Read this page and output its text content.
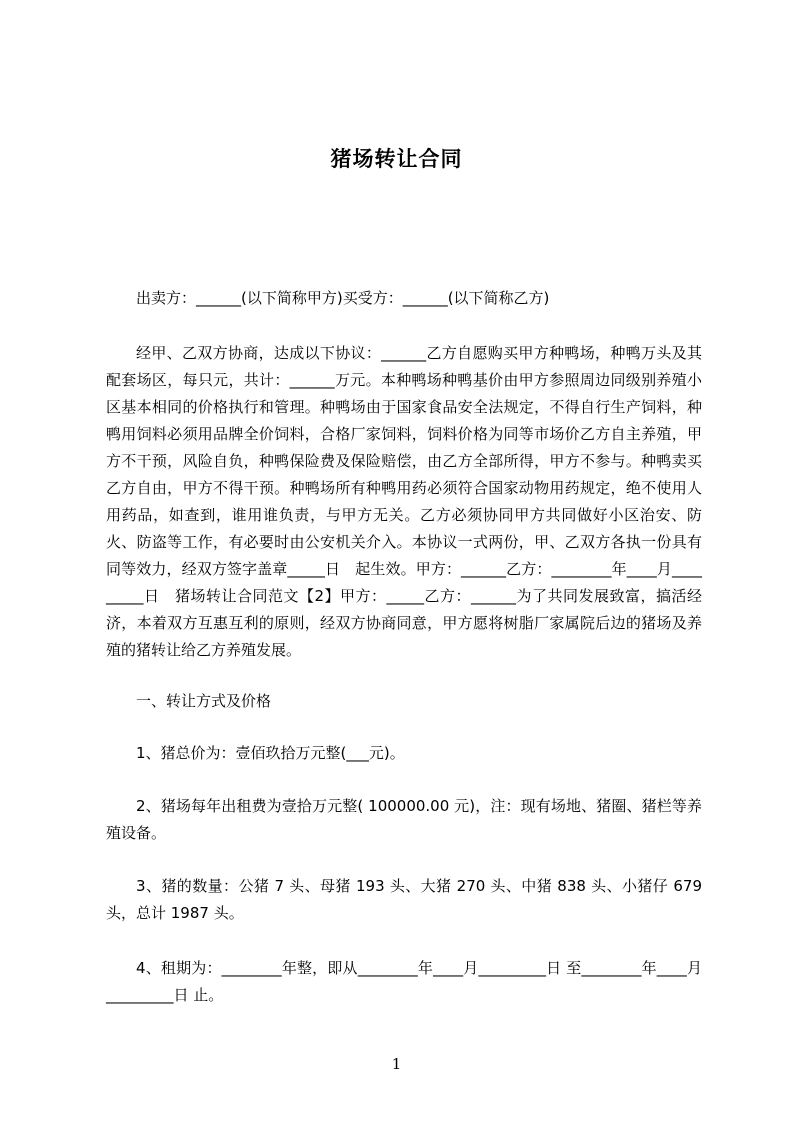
猪场转让合同
出卖方：______(以下简称甲方)买受方：______(以下简称乙方)
经甲、乙双方协商，达成以下协议：______乙方自愿购买甲方种鸭场，种鸭万头及其配套场区，每只元，共计：______万元。本种鸭场种鸭基价由甲方参照周边同级别养殖小区基本相同的价格执行和管理。种鸭场由于国家食品安全法规定，不得自行生产饲料，种鸭用饲料必须用品牌全价饲料，合格厂家饲料，饲料价格为同等市场价乙方自主养殖，甲方不干预，风险自负，种鸭保险费及保险赔偿，由乙方全部所得，甲方不参与。种鸭卖买乙方自由，甲方不得干预。种鸭场所有种鸭用药必须符合国家动物用药规定，绝不使用人用药品，如查到，谁用谁负责，与甲方无关。乙方必须协同甲方共同做好小区治安、防火、防盗等工作，有必要时由公安机关介入。本协议一式两份，甲、乙双方各执一份具有同等效力，经双方签字盖章_____日　起生效。甲方：______乙方：________年____月_________日　猪场转让合同范文【2】甲方：_____乙方：______为了共同发展致富，搞活经济，本着双方互惠互利的原则，经双方协商同意，甲方愿将树脂厂家属院后边的猪场及养殖的猪转让给乙方养殖发展。
一、转让方式及价格
1、猪总价为：壹佰玖拾万元整(___元)。
2、猪场每年出租费为壹拾万元整( 100000.00 元)，注：现有场地、猪圈、猪栏等养殖设备。
3、猪的数量：公猪 7 头、母猪 193 头、大猪 270 头、中猪 838 头、小猪仔 679 头，总计 1987 头。
4、租期为：________年整，即从________年____月_________日 至________年____月_________日 止。
1
